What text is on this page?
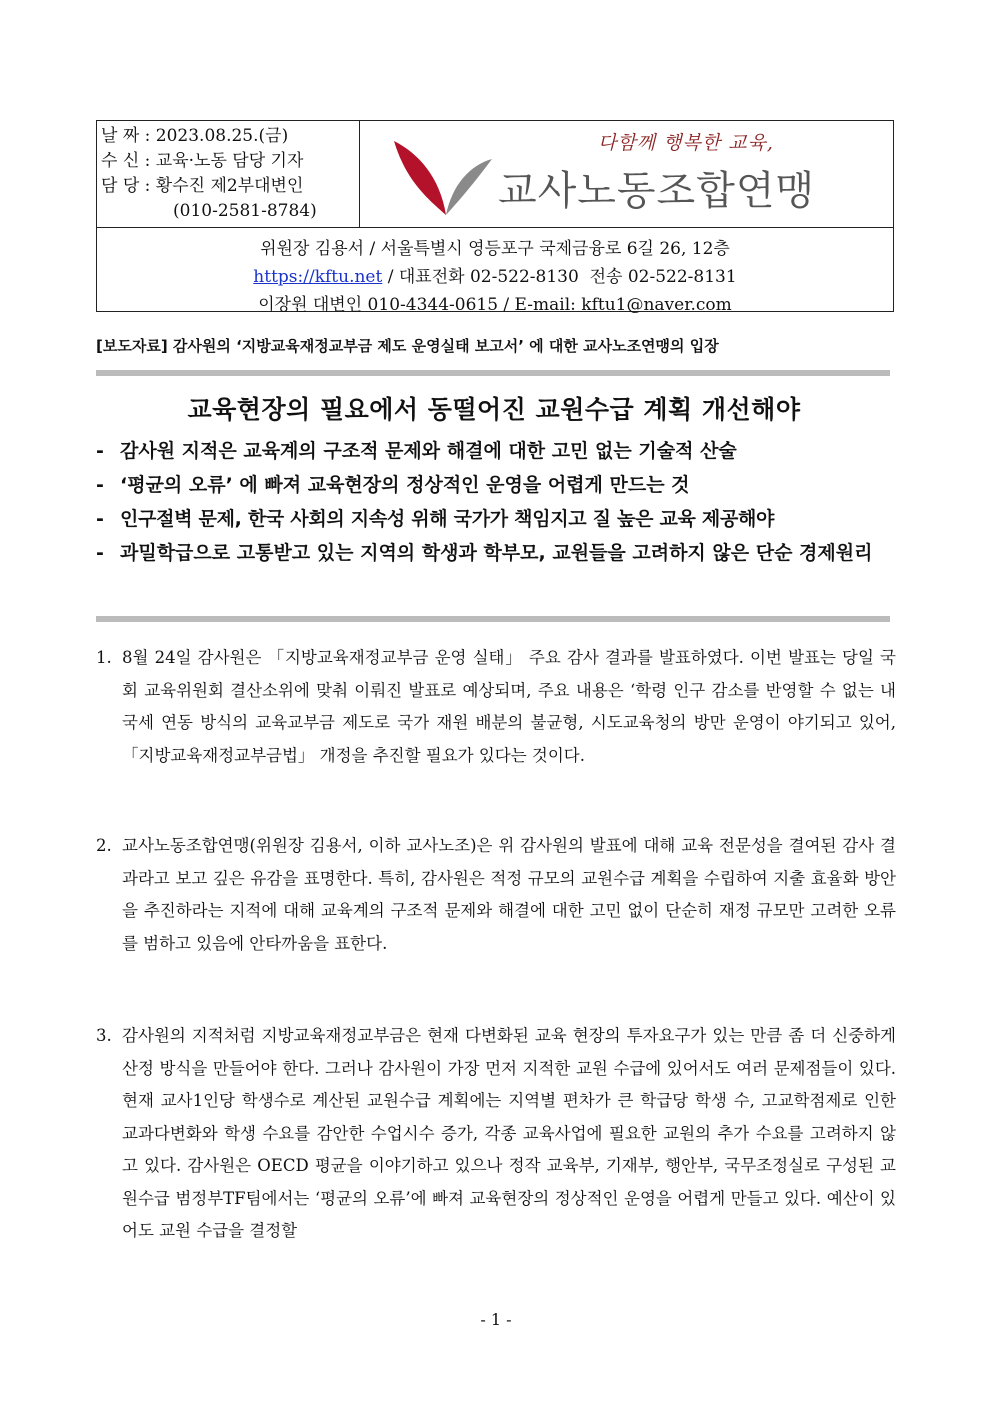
날 짜 : 2023.08.25.(금)
수 신 : 교육·노동 담당 기자
담 당 : 황수진 제2부대변인
(010-2581-8784)
다함께 행복한 교육,
교사노동조합연맹
위원장 김용서 / 서울특별시 영등포구 국제금융로 6길 26, 12층
https://kftu.net / 대표전화 02-522-8130  전송 02-522-8131
이장원 대변인 010-4344-0615 / E-mail: kftu1@naver.com
[보도자료] 감사원의 ‘지방교육재정교부금 제도 운영실태 보고서’ 에 대한 교사노조연맹의 입장
교육현장의 필요에서 동떨어진 교원수급 계획 개선해야
- 감사원 지적은 교육계의 구조적 문제와 해결에 대한 고민 없는 기술적 산술
- ‘평균의 오류’ 에 빠져 교육현장의 정상적인 운영을 어렵게 만드는 것
- 인구절벽 문제, 한국 사회의 지속성 위해 국가가 책임지고 질 높은 교육 제공해야
- 과밀학급으로 고통받고 있는 지역의 학생과 학부모, 교원들을 고려하지 않은 단순 경제원리
1. 8월 24일 감사원은 「지방교육재정교부금 운영 실태」 주요 감사 결과를 발표하였다. 이번 발표는 당일 국회 교육위원회 결산소위에 맞춰 이뤄진 발표로 예상되며, 주요 내용은 ‘학령 인구 감소를 반영할 수 없는 내국세 연동 방식의 교육교부금 제도로 국가 재원 배분의 불균형, 시도교육청의 방만 운영이 야기되고 있어, 「지방교육재정교부금법」 개정을 추진할 필요가 있다는 것이다.
2. 교사노동조합연맹(위원장 김용서, 이하 교사노조)은 위 감사원의 발표에 대해 교육 전문성을 결여된 감사 결과라고 보고 깊은 유감을 표명한다. 특히, 감사원은 적정 규모의 교원수급 계획을 수립하여 지출 효율화 방안을 추진하라는 지적에 대해 교육계의 구조적 문제와 해결에 대한 고민 없이 단순히 재정 규모만 고려한 오류를 범하고 있음에 안타까움을 표한다.
3. 감사원의 지적처럼 지방교육재정교부금은 현재 다변화된 교육 현장의 투자요구가 있는 만큼 좀 더 신중하게 산정 방식을 만들어야 한다. 그러나 감사원이 가장 먼저 지적한 교원 수급에 있어서도 여러 문제점들이 있다. 현재 교사1인당 학생수로 계산된 교원수급 계획에는 지역별 편차가 큰 학급당 학생 수, 고교학점제로 인한 교과다변화와 학생 수요를 감안한 수업시수 증가, 각종 교육사업에 필요한 교원의 추가 수요를 고려하지 않고 있다. 감사원은 OECD 평균을 이야기하고 있으나 정작 교육부, 기재부, 행안부, 국무조정실로 구성된 교원수급 범정부TF팀에서는 ‘평균의 오류’에 빠져 교육현장의 정상적인 운영을 어렵게 만들고 있다. 예산이 있어도 교원 수급을 결정할
- 1 -
